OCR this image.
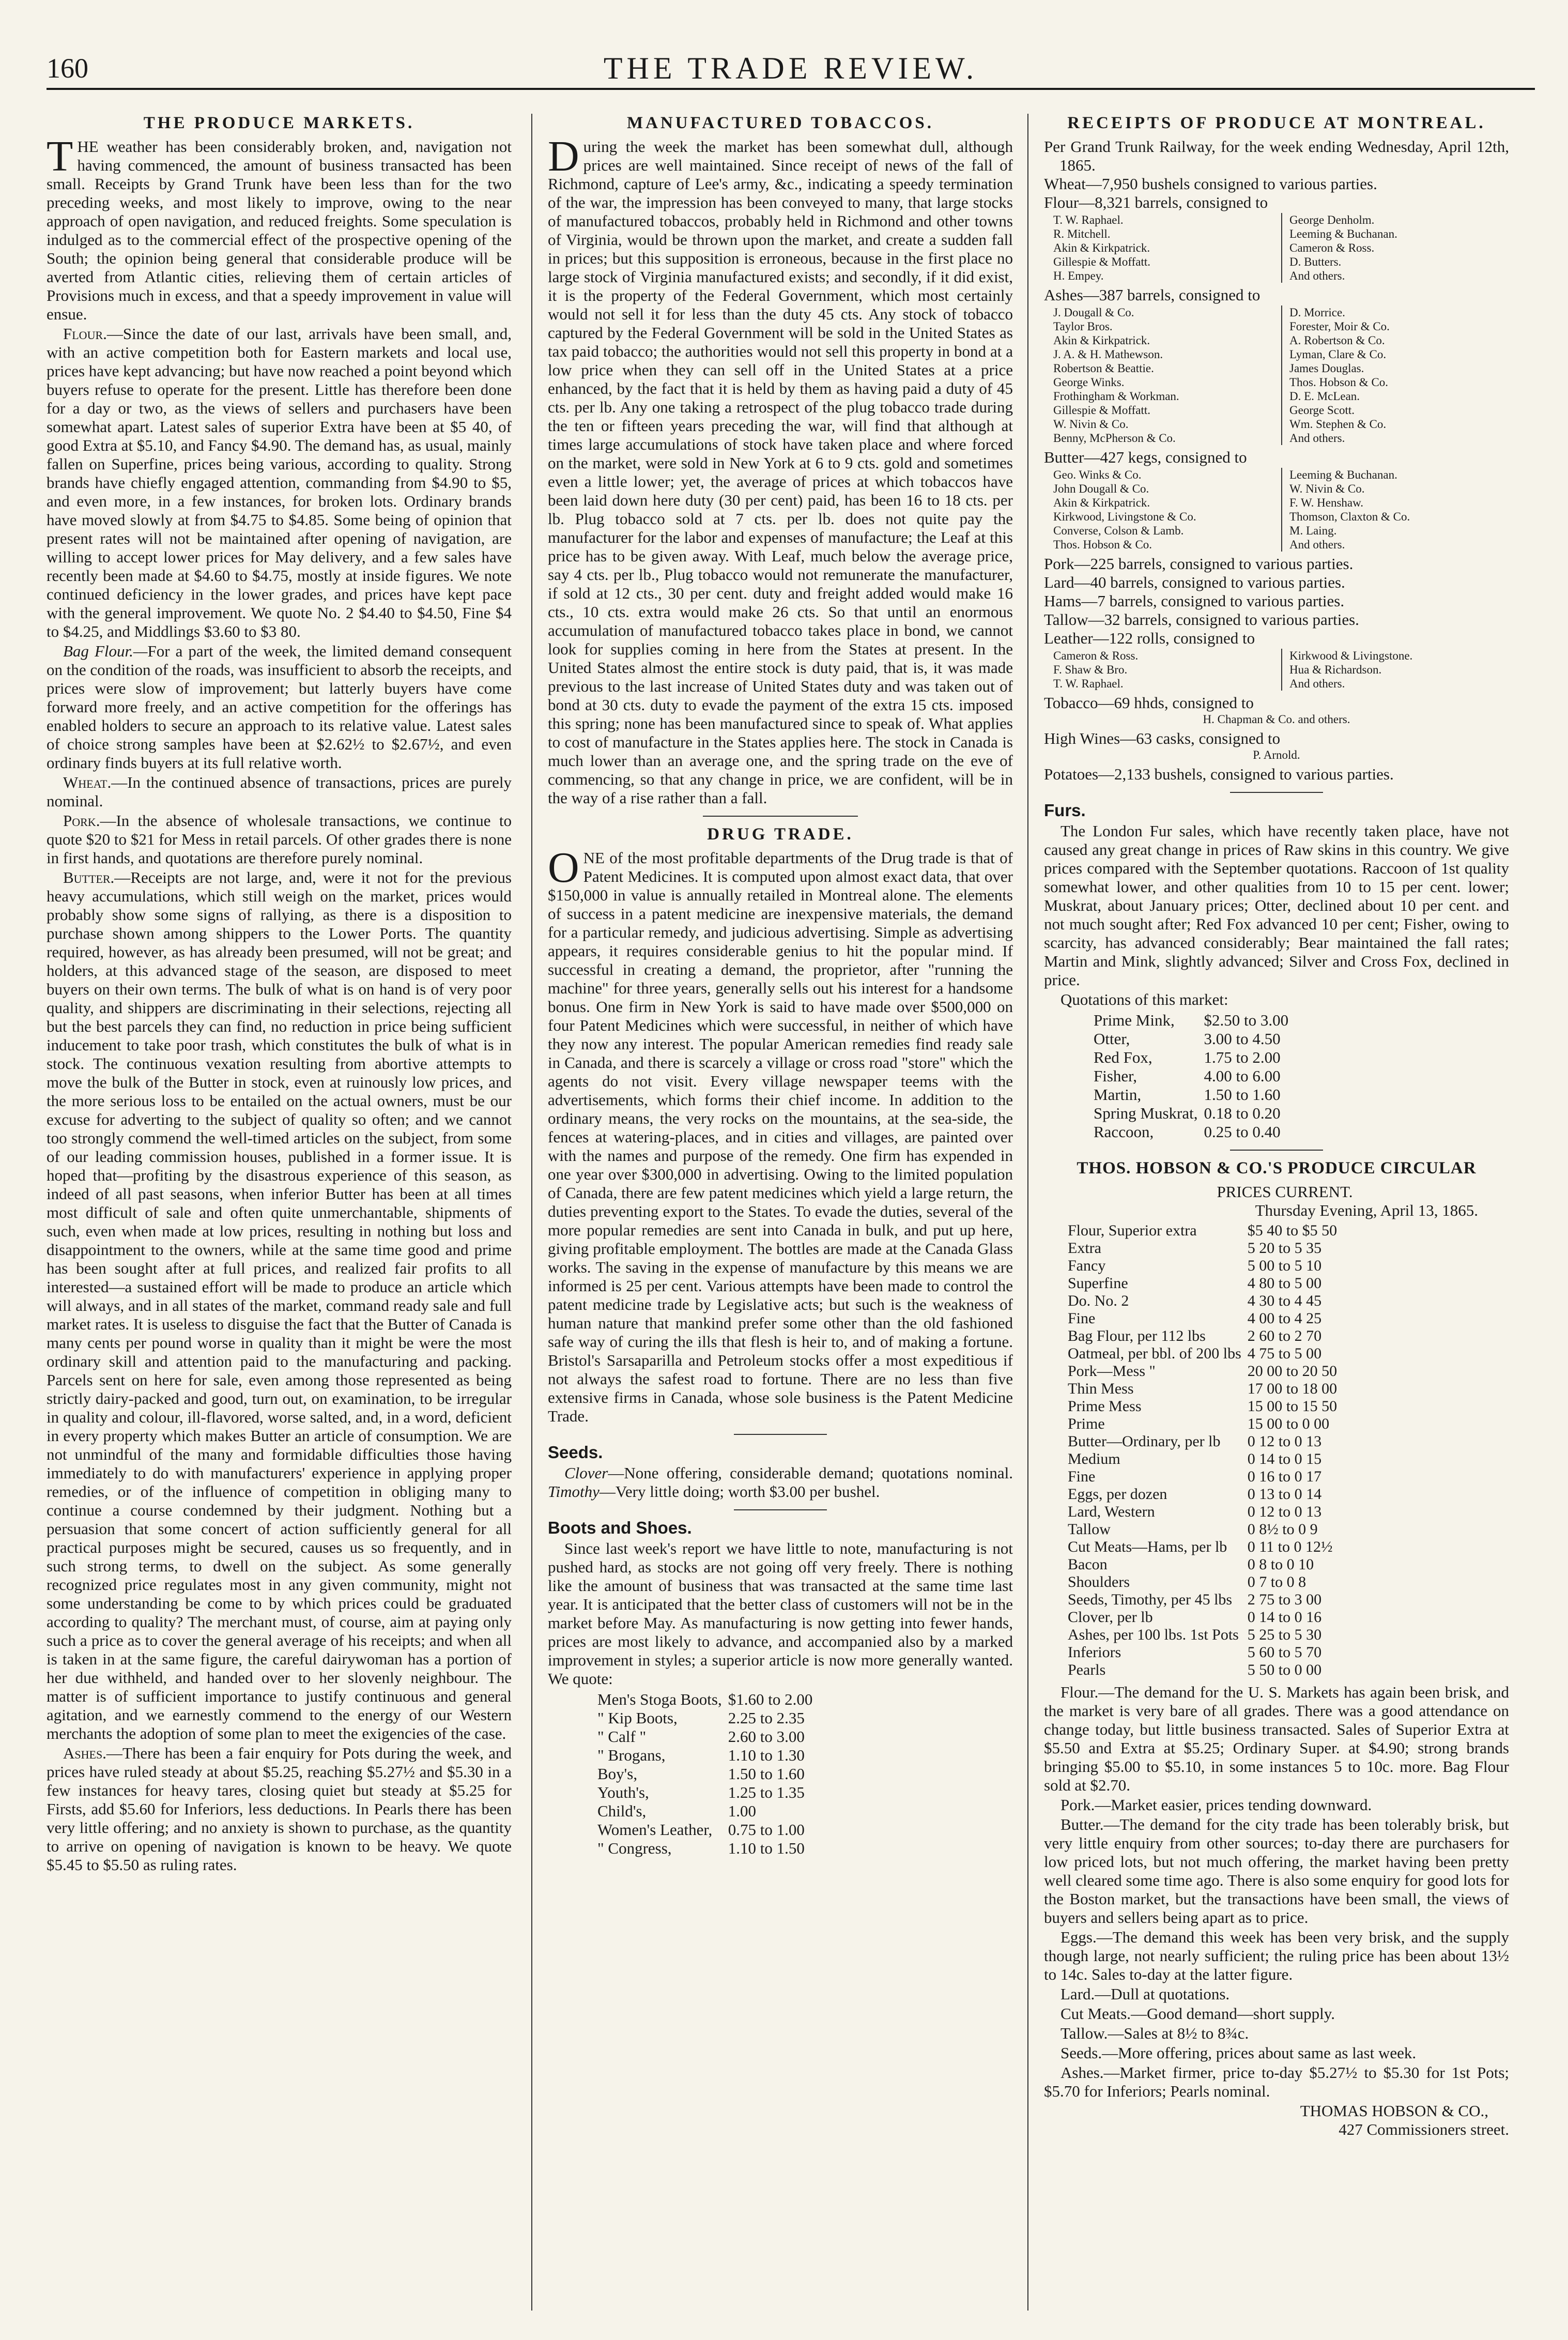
160	THE TRADE REVIEW.
THE PRODUCE MARKETS.

THE weather has been considerably broken, and, navigation not having commenced, the amount of business transacted has been small. Receipts by Grand Trunk have been less than for the two preceding weeks, and most likely to improve, owing to the near approach of open navigation, and reduced freights. Some speculation is indulged as to the commercial effect of the prospective opening of the South; the opinion being general that considerable produce will be averted from Atlantic cities, relieving them of certain articles of Provisions much in excess, and that a speedy improvement in value will ensue.

Flour.—Since the date of our last, arrivals have been small, and, with an active competition both for Eastern markets and local use, prices have kept advancing; but have now reached a point beyond which buyers refuse to operate for the present. Little has therefore been done for a day or two, as the views of sellers and purchasers have been somewhat apart. Latest sales of superior Extra have been at $5 40, of good Extra at $5.10, and Fancy $4.90. The demand has, as usual, mainly fallen on Superfine, prices being various, according to quality. Strong brands have chiefly engaged attention, commanding from $4.90 to $5, and even more, in a few instances, for broken lots. Ordinary brands have moved slowly at from $4.75 to $4.85. Some being of opinion that present rates will not be maintained after opening of navigation, are willing to accept lower prices for May delivery, and a few sales have recently been made at $4.60 to $4.75, mostly at inside figures. We note continued deficiency in the lower grades, and prices have kept pace with the general improvement. We quote No. 2 $4.40 to $4.50, Fine $4 to $4.25, and Middlings $3.60 to $3 80.

Bag Flour.—For a part of the week, the limited demand consequent on the condition of the roads, was insufficient to absorb the receipts, and prices were slow of improvement; but latterly buyers have come forward more freely, and an active competition for the offerings has enabled holders to secure an approach to its relative value. Latest sales of choice strong samples have been at $2.62½ to $2.67½, and even ordinary finds buyers at its full relative worth.

Wheat.—In the continued absence of transactions, prices are purely nominal.

Pork.—In the absence of wholesale transactions, we continue to quote $20 to $21 for Mess in retail parcels. Of other grades there is none in first hands, and quotations are therefore purely nominal.

Butter.—Receipts are not large, and, were it not for the previous heavy accumulations, which still weigh on the market, prices would probably show some signs of rallying, as there is a disposition to purchase shown among shippers to the Lower Ports. The quantity required, however, as has already been presumed, will not be great; and holders, at this advanced stage of the season, are disposed to meet buyers on their own terms. The bulk of what is on hand is of very poor quality, and shippers are discriminating in their selections, rejecting all but the best parcels they can find, no reduction in price being sufficient inducement to take poor trash, which constitutes the bulk of what is in stock. The continuous vexation resulting from abortive attempts to move the bulk of the Butter in stock, even at ruinously low prices, and the more serious loss to be entailed on the actual owners, must be our excuse for adverting to the subject of quality so often; and we cannot too strongly commend the well-timed articles on the subject, from some of our leading commission houses, published in a former issue. It is hoped that—profiting by the disastrous experience of this season, as indeed of all past seasons, when inferior Butter has been at all times most difficult of sale and often quite unmerchantable, shipments of such, even when made at low prices, resulting in nothing but loss and disappointment to the owners, while at the same time good and prime has been sought after at full prices, and realized fair profits to all interested—a sustained effort will be made to produce an article which will always, and in all states of the market, command ready sale and full market rates. It is useless to disguise the fact that the Butter of Canada is many cents per pound worse in quality than it might be were the most ordinary skill and attention paid to the manufacturing and packing. Parcels sent on here for sale, even among those represented as being strictly dairy-packed and good, turn out, on examination, to be irregular in quality and colour, ill-flavored, worse salted, and, in a word, deficient in every property which makes Butter an article of consumption. We are not unmindful of the many and formidable difficulties those having immediately to do with manufacturers' experience in applying proper remedies, or of the influence of competition in obliging many to continue a course condemned by their judgment. Nothing but a persuasion that some concert of action sufficiently general for all practical purposes might be secured, causes us so frequently, and in such strong terms, to dwell on the subject. As some generally recognized price regulates most in any given community, might not some understanding be come to by which prices could be graduated according to quality? The merchant must, of course, aim at paying only such a price as to cover the general average of his receipts; and when all is taken in at the same figure, the careful dairywoman has a portion of her due withheld, and handed over to her slovenly neighbour. The matter is of sufficient importance to justify continuous and general agitation, and we earnestly commend to the energy of our Western merchants the adoption of some plan to meet the exigencies of the case.

Ashes.—There has been a fair enquiry for Pots during the week, and prices have ruled steady at about $5.25, reaching $5.27½ and $5.30 in a few instances for heavy tares, closing quiet but steady at $5.25 for Firsts, add $5.60 for Inferiors, less deductions. In Pearls there has been very little offering; and no anxiety is shown to purchase, as the quantity to arrive on opening of navigation is known to be heavy. We quote $5.45 to $5.50 as ruling rates.

MANUFACTURED TOBACCOS.

During the week the market has been somewhat dull, although prices are well maintained. Since receipt of news of the fall of Richmond, capture of Lee's army, &c., indicating a speedy termination of the war, the impression has been conveyed to many, that large stocks of manufactured tobaccos, probably held in Richmond and other towns of Virginia, would be thrown upon the market, and create a sudden fall in prices; but this supposition is erroneous, because in the first place no large stock of Virginia manufactured exists; and secondly, if it did exist, it is the property of the Federal Government, which most certainly would not sell it for less than the duty 45 cts. Any stock of tobacco captured by the Federal Government will be sold in the United States as tax paid tobacco; the authorities would not sell this property in bond at a low price when they can sell off in the United States at a price enhanced, by the fact that it is held by them as having paid a duty of 45 cts. per lb. Any one taking a retrospect of the plug tobacco trade during the ten or fifteen years preceding the war, will find that although at times large accumulations of stock have taken place and where forced on the market, were sold in New York at 6 to 9 cts. gold and sometimes even a little lower; yet, the average of prices at which tobaccos have been laid down here duty (30 per cent) paid, has been 16 to 18 cts. per lb. Plug tobacco sold at 7 cts. per lb. does not quite pay the manufacturer for the labor and expenses of manufacture; the Leaf at this price has to be given away. With Leaf, much below the average price, say 4 cts. per lb., Plug tobacco would not remunerate the manufacturer, if sold at 12 cts., 30 per cent. duty and freight added would make 16 cts., 10 cts. extra would make 26 cts. So that until an enormous accumulation of manufactured tobacco takes place in bond, we cannot look for supplies coming in here from the States at present. In the United States almost the entire stock is duty paid, that is, it was made previous to the last increase of United States duty and was taken out of bond at 30 cts. duty to evade the payment of the extra 15 cts. imposed this spring; none has been manufactured since to speak of. What applies to cost of manufacture in the States applies here. The stock in Canada is much lower than an average one, and the spring trade on the eve of commencing, so that any change in price, we are confident, will be in the way of a rise rather than a fall.

DRUG TRADE.

ONE of the most profitable departments of the Drug trade is that of Patent Medicines. It is computed upon almost exact data, that over $150,000 in value is annually retailed in Montreal alone. The elements of success in a patent medicine are inexpensive materials, the demand for a particular remedy, and judicious advertising. Simple as advertising appears, it requires considerable genius to hit the popular mind. If successful in creating a demand, the proprietor, after "running the machine" for three years, generally sells out his interest for a handsome bonus. One firm in New York is said to have made over $500,000 on four Patent Medicines which were successful, in neither of which have they now any interest. The popular American remedies find ready sale in Canada, and there is scarcely a village or cross road "store" which the agents do not visit. Every village newspaper teems with the advertisements, which forms their chief income. In addition to the ordinary means, the very rocks on the mountains, at the sea-side, the fences at watering-places, and in cities and villages, are painted over with the names and purpose of the remedy. One firm has expended in one year over $300,000 in advertising. Owing to the limited population of Canada, there are few patent medicines which yield a large return, the duties preventing export to the States. To evade the duties, several of the more popular remedies are sent into Canada in bulk, and put up here, giving profitable employment. The bottles are made at the Canada Glass works. The saving in the expense of manufacture by this means we are informed is 25 per cent. Various attempts have been made to control the patent medicine trade by Legislative acts; but such is the weakness of human nature that mankind prefer some other than the old fashioned safe way of curing the ills that flesh is heir to, and of making a fortune. Bristol's Sarsaparilla and Petroleum stocks offer a most expeditious if not always the safest road to fortune. There are no less than five extensive firms in Canada, whose sole business is the Patent Medicine Trade.

Seeds.

Clover—None offering, considerable demand; quotations nominal. Timothy—Very little doing; worth $3.00 per bushel.

Boots and Shoes.

Since last week's report we have little to note, manufacturing is not pushed hard, as stocks are not going off very freely. There is nothing like the amount of business that was transacted at the same time last year. It is anticipated that the better class of customers will not be in the market before May. As manufacturing is now getting into fewer hands, prices are most likely to advance, and accompanied also by a marked improvement in styles; a superior article is now more generally wanted. We quote:

Men's Stoga Boots,	$1.60 to 2.00
" Kip Boots,	2.25 to 2.35
" Calf "	2.60 to 3.00
" Brogans,	1.10 to 1.30
Boy's,	1.50 to 1.60
Youth's,	1.25 to 1.35
Child's,	1.00
Women's Leather,	0.75 to 1.00
" Congress,	1.10 to 1.50
RECEIPTS OF PRODUCE AT MONTREAL.

Per Grand Trunk Railway, for the week ending Wednesday, April 12th, 1865.

Wheat—7,950 bushels consigned to various parties.

Flour—8,321 barrels, consigned to

T. W. Raphael.	George Denholm.
R. Mitchell.	Leeming & Buchanan.
Akin & Kirkpatrick.	Cameron & Ross.
Gillespie & Moffatt.	D. Butters.
H. Empey.	And others.

Ashes—387 barrels, consigned to

J. Dougall & Co.	D. Morrice.
Taylor Bros.	Forester, Moir & Co.
Akin & Kirkpatrick.	A. Robertson & Co.
J. A. & H. Mathewson.	Lyman, Clare & Co.
Robertson & Beattie.	James Douglas.
George Winks.	Thos. Hobson & Co.
Frothingham & Workman.	D. E. McLean.
Gillespie & Moffatt.	George Scott.
W. Nivin & Co.	Wm. Stephen & Co.
Benny, McPherson & Co.	And others.

Butter—427 kegs, consigned to

Geo. Winks & Co.	Leeming & Buchanan.
John Dougall & Co.	W. Nivin & Co.
Akin & Kirkpatrick.	F. W. Henshaw.
Kirkwood, Livingstone & Co.	Thomson, Claxton & Co.
Converse, Colson & Lamb.	M. Laing.
Thos. Hobson & Co.	And others.

Pork—225 barrels, consigned to various parties.

Lard—40 barrels, consigned to various parties.

Hams—7 barrels, consigned to various parties.

Tallow—32 barrels, consigned to various parties.

Leather—122 rolls, consigned to

Cameron & Ross.	Kirkwood & Livingstone.
F. Shaw & Bro.	Hua & Richardson.
T. W. Raphael.	And others.

Tobacco—69 hhds, consigned to

H. Chapman & Co. and others.

High Wines—63 casks, consigned to

P. Arnold.

Potatoes—2,133 bushels, consigned to various parties.

Furs.

The London Fur sales, which have recently taken place, have not caused any great change in prices of Raw skins in this country. We give prices compared with the September quotations. Raccoon of 1st quality somewhat lower, and other qualities from 10 to 15 per cent. lower; Muskrat, about January prices; Otter, declined about 10 per cent. and not much sought after; Red Fox advanced 10 per cent; Fisher, owing to scarcity, has advanced considerably; Bear maintained the fall rates; Martin and Mink, slightly advanced; Silver and Cross Fox, declined in price.

Quotations of this market:

Prime Mink,	$2.50 to 3.00
Otter,	3.00 to 4.50
Red Fox,	1.75 to 2.00
Fisher,	4.00 to 6.00
Martin,	1.50 to 1.60
Spring Muskrat,	0.18 to 0.20
Raccoon,	0.25 to 0.40
THOS. HOBSON & CO.'S PRODUCE CIRCULAR

PRICES CURRENT.

Thursday Evening, April 13, 1865.

Flour, Superior extra	$5 40 to $5 50
Extra	5 20 to 5 35
Fancy	5 00 to 5 10
Superfine	4 80 to 5 00
Do. No. 2	4 30 to 4 45
Fine	4 00 to 4 25
Bag Flour, per 112 lbs	2 60 to 2 70
Oatmeal, per bbl. of 200 lbs	4 75 to 5 00
Pork—Mess "	20 00 to 20 50
Thin Mess	17 00 to 18 00
Prime Mess	15 00 to 15 50
Prime	15 00 to 0 00
Butter—Ordinary, per lb	0 12 to 0 13
Medium	0 14 to 0 15
Fine	0 16 to 0 17
Eggs, per dozen	0 13 to 0 14
Lard, Western	0 12 to 0 13
Tallow	0 8½ to 0 9
Cut Meats—Hams, per lb	0 11 to 0 12½
Bacon	0 8 to 0 10
Shoulders	0 7 to 0 8
Seeds, Timothy, per 45 lbs	2 75 to 3 00
Clover, per lb	0 14 to 0 16
Ashes, per 100 lbs. 1st Pots	5 25 to 5 30
Inferiors	5 60 to 5 70
Pearls	5 50 to 0 00

Flour.—The demand for the U. S. Markets has again been brisk, and the market is very bare of all grades. There was a good attendance on change today, but little business transacted. Sales of Superior Extra at $5.50 and Extra at $5.25; Ordinary Super. at $4.90; strong brands bringing $5.00 to $5.10, in some instances 5 to 10c. more. Bag Flour sold at $2.70.

Pork.—Market easier, prices tending downward.

Butter.—The demand for the city trade has been tolerably brisk, but very little enquiry from other sources; to-day there are purchasers for low priced lots, but not much offering, the market having been pretty well cleared some time ago. There is also some enquiry for good lots for the Boston market, but the transactions have been small, the views of buyers and sellers being apart as to price.

Eggs.—The demand this week has been very brisk, and the supply though large, not nearly sufficient; the ruling price has been about 13½ to 14c. Sales to-day at the latter figure.

Lard.—Dull at quotations.

Cut Meats.—Good demand—short supply.

Tallow.—Sales at 8½ to 8¾c.

Seeds.—More offering, prices about same as last week.

Ashes.—Market firmer, price to-day $5.27½ to $5.30 for 1st Pots; $5.70 for Inferiors; Pearls nominal.

THOMAS HOBSON & CO.,

427 Commissioners street.
